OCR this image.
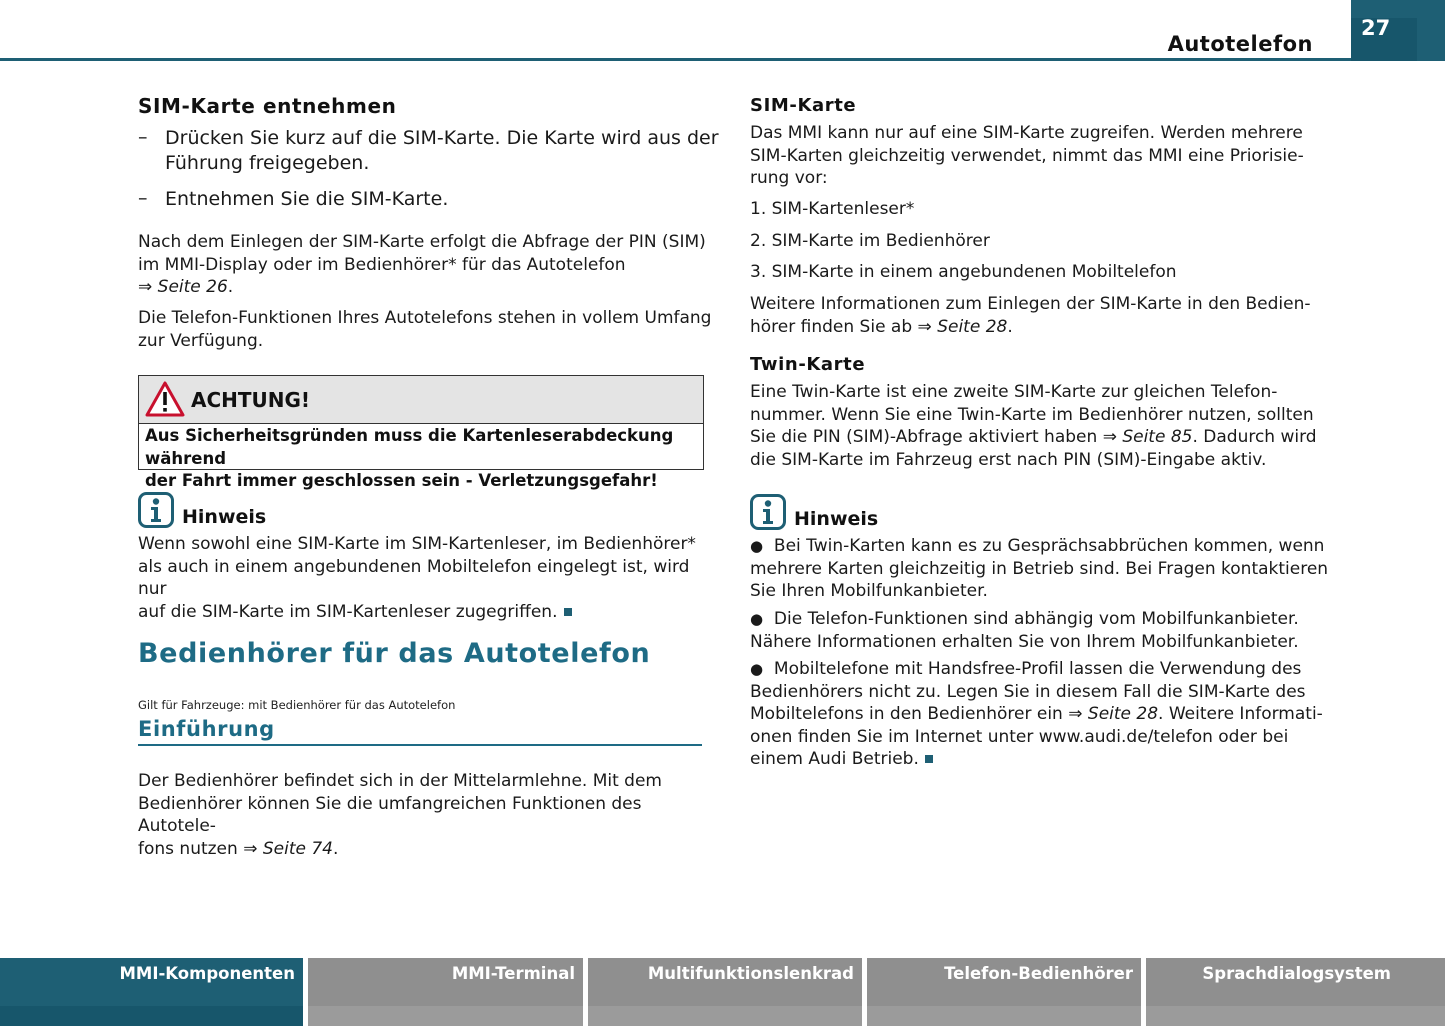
Autotelefon
27
SIM-Karte entnehmen
– Drücken Sie kurz auf die SIM-Karte. Die Karte wird aus der
Führung freigegeben.
– Entnehmen Sie die SIM-Karte.
Nach dem Einlegen der SIM-Karte erfolgt die Abfrage der PIN (SIM)
im MMI-Display oder im Bedienhörer* für das Autotelefon
⇒ Seite 26.
Die Telefon-Funktionen Ihres Autotelefons stehen in vollem Umfang
zur Verfügung.
ACHTUNG!
Aus Sicherheitsgründen muss die Kartenleserabdeckung während
der Fahrt immer geschlossen sein - Verletzungsgefahr!
Hinweis
Wenn sowohl eine SIM-Karte im SIM-Kartenleser, im Bedienhörer*
als auch in einem angebundenen Mobiltelefon eingelegt ist, wird nur
auf die SIM-Karte im SIM-Kartenleser zugegriffen.
Bedienhörer für das Autotelefon
Gilt für Fahrzeuge: mit Bedienhörer für das Autotelefon
Einführung
Der Bedienhörer befindet sich in der Mittelarmlehne. Mit dem
Bedienhörer können Sie die umfangreichen Funktionen des Autotele-
fons nutzen ⇒ Seite 74.
SIM-Karte
Das MMI kann nur auf eine SIM-Karte zugreifen. Werden mehrere
SIM-Karten gleichzeitig verwendet, nimmt das MMI eine Priorisie-
rung vor:
1. SIM-Kartenleser*
2. SIM-Karte im Bedienhörer
3. SIM-Karte in einem angebundenen Mobiltelefon
Weitere Informationen zum Einlegen der SIM-Karte in den Bedien-
hörer finden Sie ab ⇒ Seite 28.
Twin-Karte
Eine Twin-Karte ist eine zweite SIM-Karte zur gleichen Telefon-
nummer. Wenn Sie eine Twin-Karte im Bedienhörer nutzen, sollten
Sie die PIN (SIM)-Abfrage aktiviert haben ⇒ Seite 85. Dadurch wird
die SIM-Karte im Fahrzeug erst nach PIN (SIM)-Eingabe aktiv.
Hinweis
● Bei Twin-Karten kann es zu Gesprächsabbrüchen kommen, wenn
mehrere Karten gleichzeitig in Betrieb sind. Bei Fragen kontaktieren
Sie Ihren Mobilfunkanbieter.
● Die Telefon-Funktionen sind abhängig vom Mobilfunkanbieter.
Nähere Informationen erhalten Sie von Ihrem Mobilfunkanbieter.
● Mobiltelefone mit Handsfree-Profil lassen die Verwendung des
Bedienhörers nicht zu. Legen Sie in diesem Fall die SIM-Karte des
Mobiltelefons in den Bedienhörer ein ⇒ Seite 28. Weitere Informati-
onen finden Sie im Internet unter www.audi.de/telefon oder bei
einem Audi Betrieb.
MMI-Komponenten	MMI-Terminal	Multifunktionslenkrad	Telefon-Bedienhörer	Sprachdialogsystem
